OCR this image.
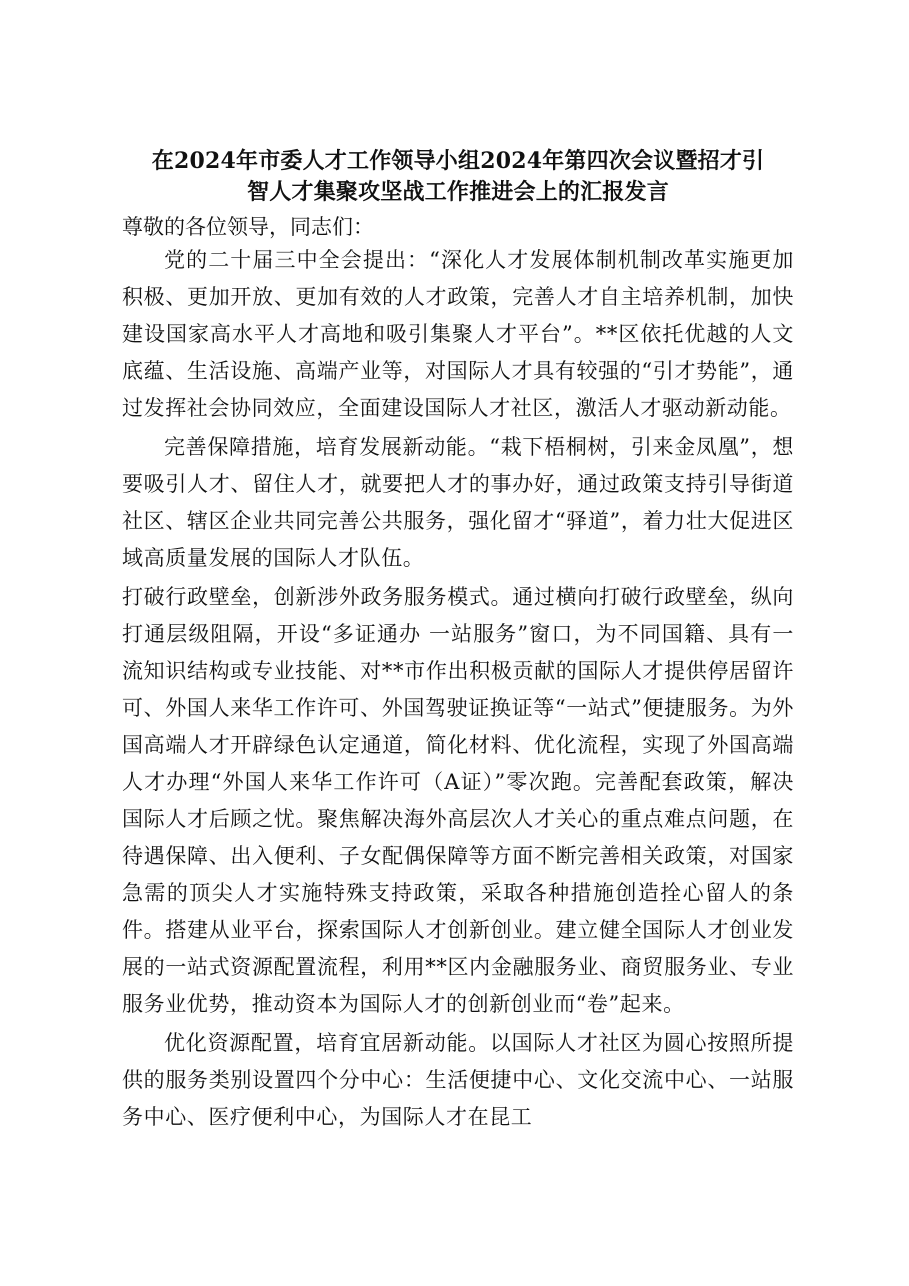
在2024年市委人才工作领导小组2024年第四次会议暨招才引
智人才集聚攻坚战工作推进会上的汇报发言

尊敬的各位领导，同志们：

党的二十届三中全会提出：“深化人才发展体制机制改革实施更加积极、更加开放、更加有效的人才政策，完善人才自主培养机制，加快建设国家高水平人才高地和吸引集聚人才平台”。**区依托优越的人文底蕴、生活设施、高端产业等，对国际人才具有较强的“引才势能”，通过发挥社会协同效应，全面建设国际人才社区，激活人才驱动新动能。

完善保障措施，培育发展新动能。“栽下梧桐树，引来金凤凰”，想要吸引人才、留住人才，就要把人才的事办好，通过政策支持引导街道社区、辖区企业共同完善公共服务，强化留才“驿道”，着力壮大促进区域高质量发展的国际人才队伍。

打破行政壁垒，创新涉外政务服务模式。通过横向打破行政壁垒，纵向打通层级阻隔，开设“多证通办 一站服务”窗口，为不同国籍、具有一流知识结构或专业技能、对**市作出积极贡献的国际人才提供停居留许可、外国人来华工作许可、外国驾驶证换证等“一站式”便捷服务。为外国高端人才开辟绿色认定通道，简化材料、优化流程，实现了外国高端人才办理“外国人来华工作许可（A证）”零次跑。完善配套政策，解决国际人才后顾之忧。聚焦解决海外高层次人才关心的重点难点问题，在待遇保障、出入便利、子女配偶保障等方面不断完善相关政策，对国家急需的顶尖人才实施特殊支持政策，采取各种措施创造拴心留人的条件。搭建从业平台，探索国际人才创新创业。建立健全国际人才创业发展的一站式资源配置流程，利用**区内金融服务业、商贸服务业、专业服务业优势，推动资本为国际人才的创新创业而“卷”起来。

优化资源配置，培育宜居新动能。以国际人才社区为圆心按照所提供的服务类别设置四个分中心：生活便捷中心、文化交流中心、一站服务中心、医疗便利中心，为国际人才在昆工
